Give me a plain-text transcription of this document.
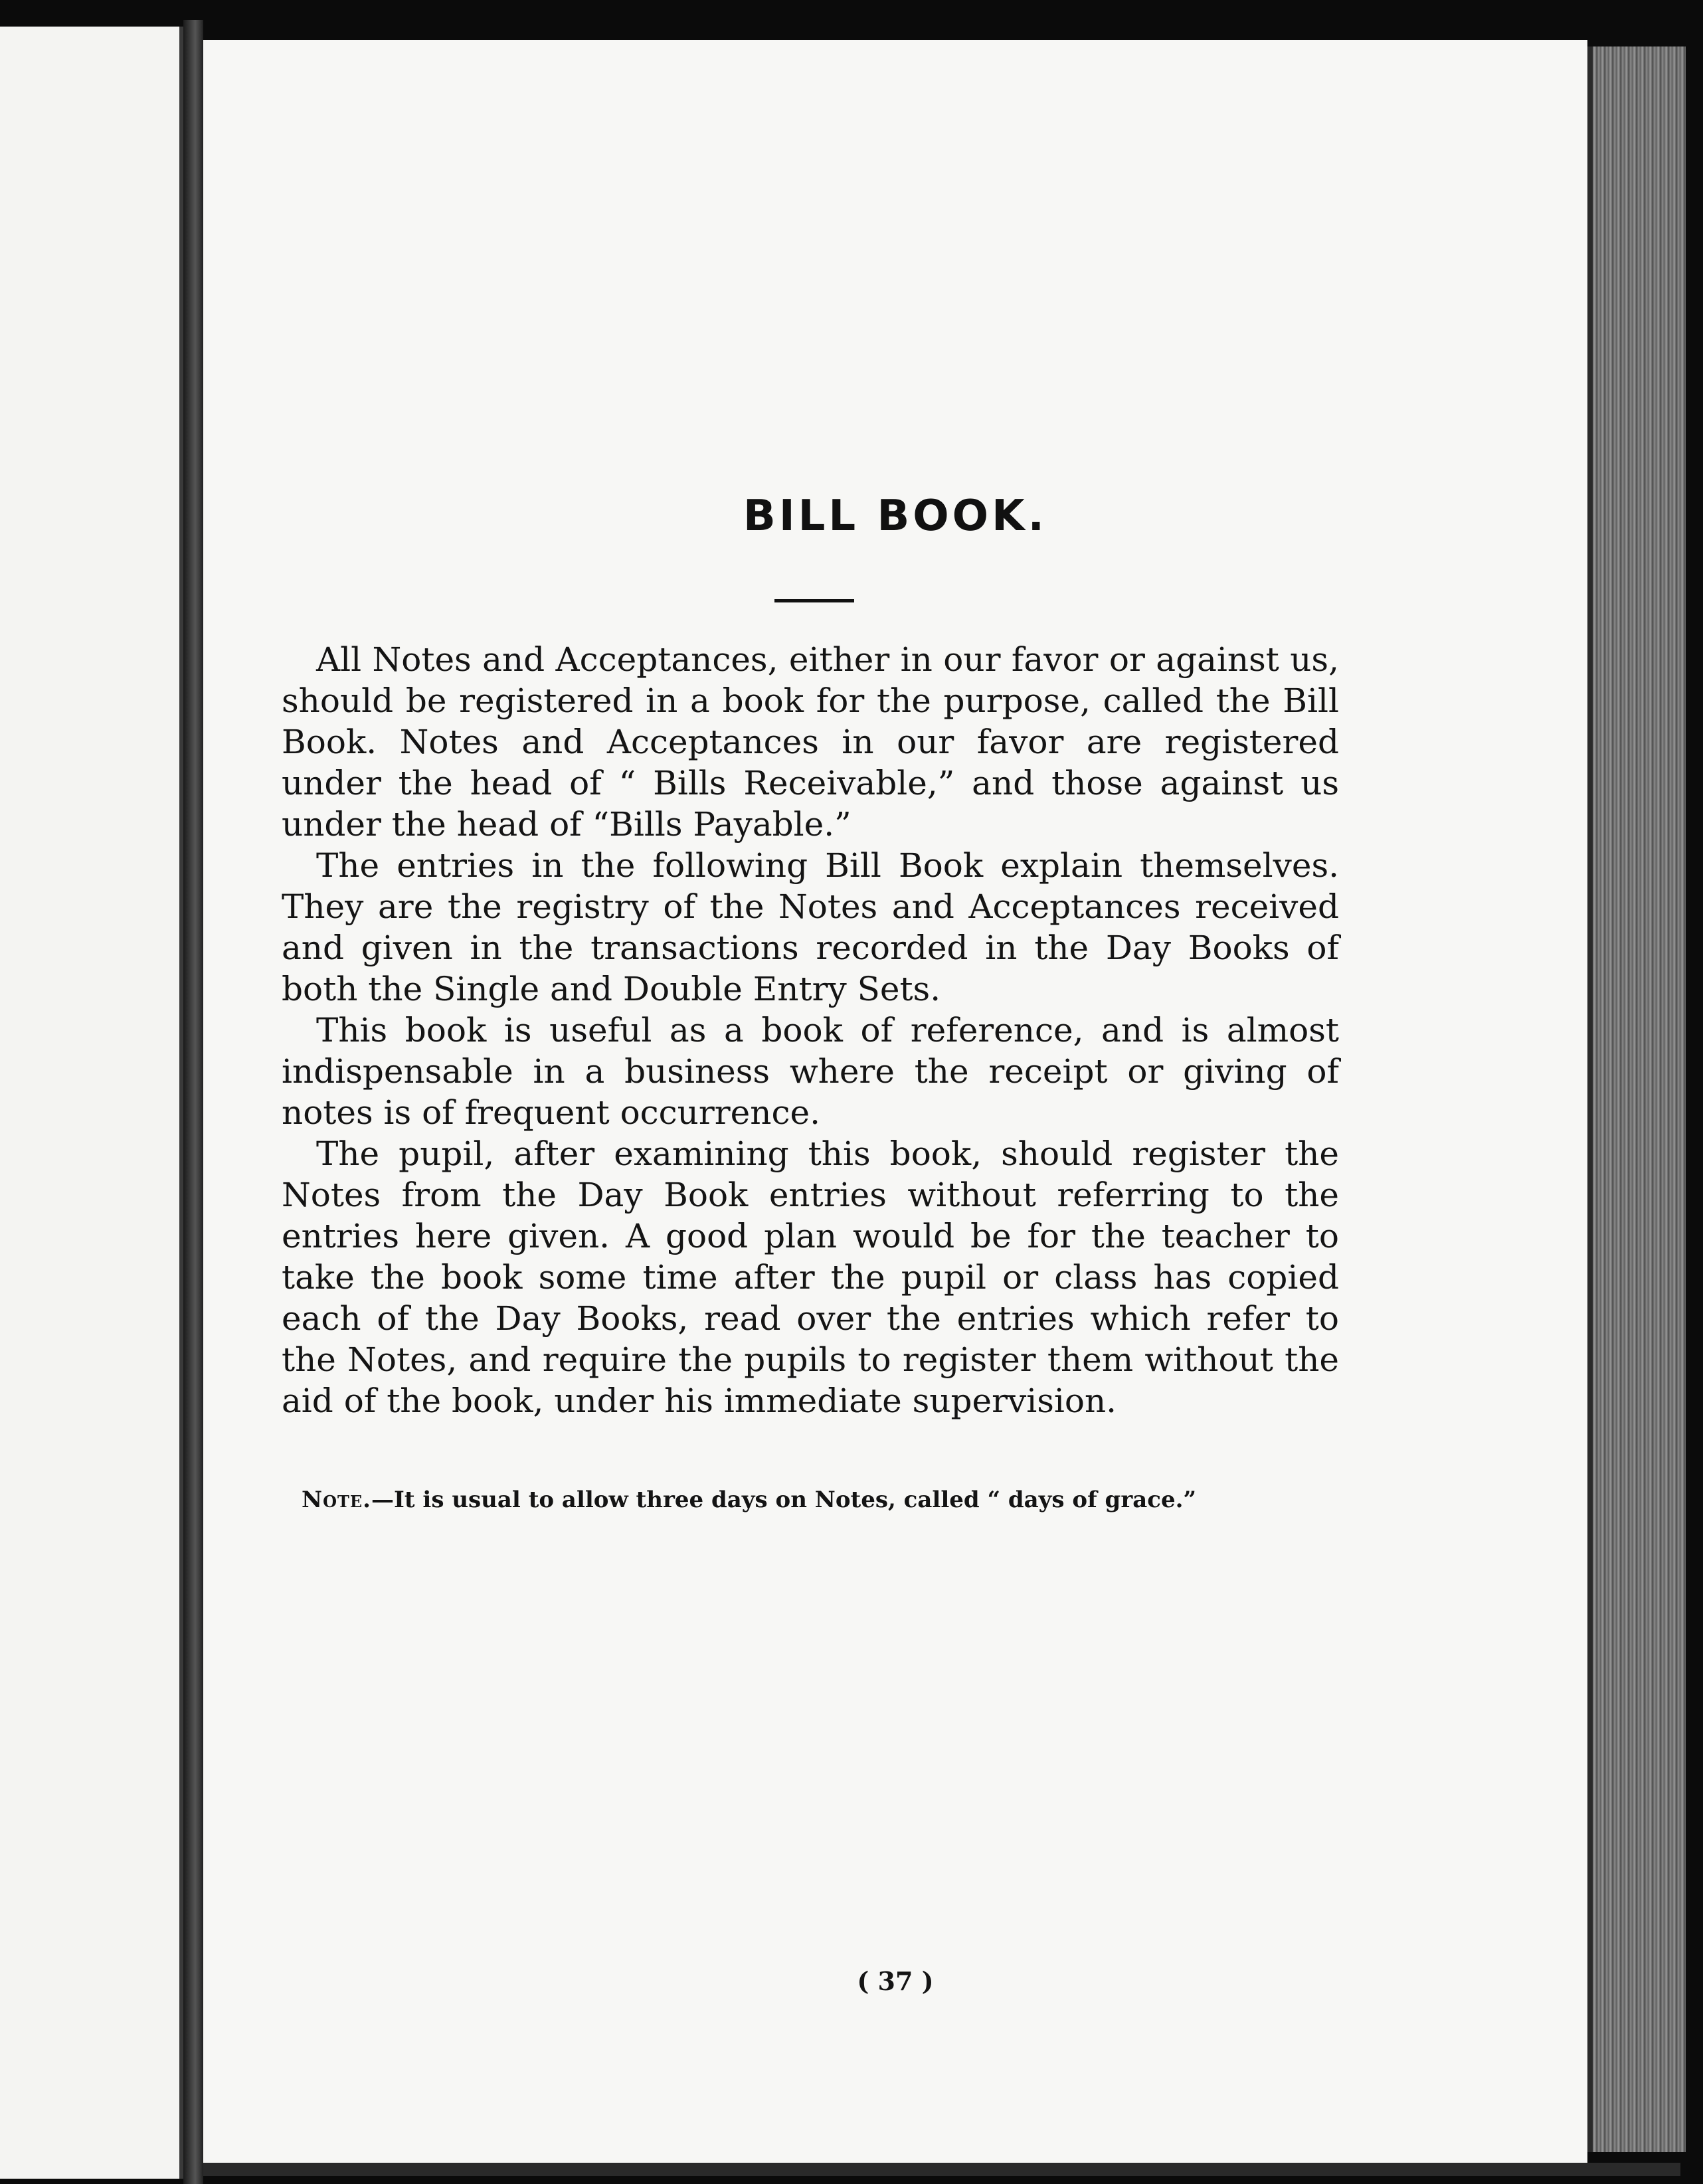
BILL BOOK.

All Notes and Acceptances, either in our favor or against us, should be registered in a book for the purpose, called the Bill Book. Notes and Acceptances in our favor are registered under the head of “ Bills Receivable,” and those against us under the head of “Bills Payable.”

The entries in the following Bill Book explain themselves. They are the registry of the Notes and Acceptances received and given in the transactions recorded in the Day Books of both the Single and Double Entry Sets.

This book is useful as a book of reference, and is almost indispensable in a business where the receipt or giving of notes is of frequent occurrence.

The pupil, after examining this book, should register the Notes from the Day Book entries without referring to the entries here given. A good plan would be for the teacher to take the book some time after the pupil or class has copied each of the Day Books, read over the entries which refer to the Notes, and require the pupils to register them without the aid of the book, under his immediate supervision.

Note.—It is usual to allow three days on Notes, called “ days of grace.”
( 37 )
